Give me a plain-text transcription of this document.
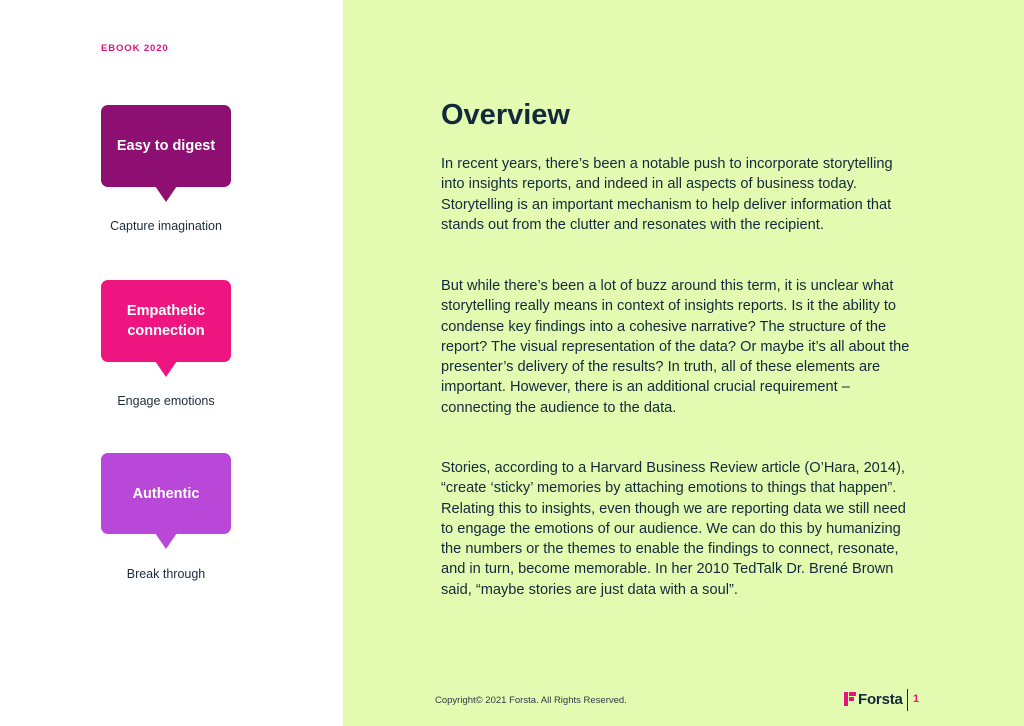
EBOOK 2020
Easy to digest
Capture imagination
Empathetic connection
Engage emotions
Authentic
Break through
Overview

In recent years, there’s been a notable push to incorporate storytelling into insights reports, and indeed in all aspects of business today. Storytelling is an important mechanism to help deliver information that stands out from the clutter and resonates with the recipient.

But while there’s been a lot of buzz around this term, it is unclear what storytelling really means in context of insights reports. Is it the ability to condense key findings into a cohesive narrative? The structure of the report? The visual representation of the data? Or maybe it’s all about the presenter’s delivery of the results? In truth, all of these elements are important. However, there is an additional crucial requirement – connecting the audience to the data.

Stories, according to a Harvard Business Review article (O’Hara, 2014), “create ‘sticky’ memories by attaching emotions to things that happen”. Relating this to insights, even though we are reporting data we still need to engage the emotions of our audience. We can do this by humanizing the numbers or the themes to enable the findings to connect, resonate, and in turn, become memorable. In her 2010 TedTalk Dr. Brené Brown said, “maybe stories are just data with a soul”.

Copyright© 2021 Forsta. All Rights Reserved.	Forsta 1
